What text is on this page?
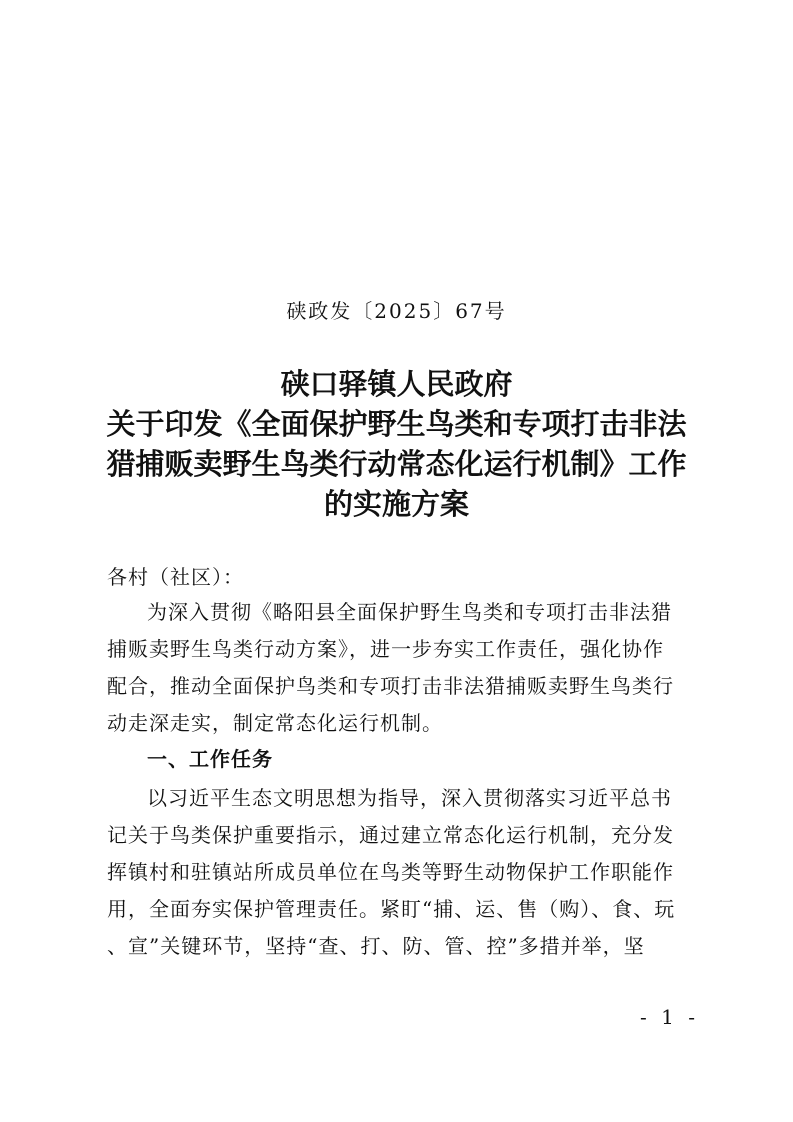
硖政发〔2025〕67号
硖口驿镇人民政府
关于印发《全面保护野生鸟类和专项打击非法
猎捕贩卖野生鸟类行动常态化运行机制》工作
的实施方案
各村（社区）：
为深入贯彻《略阳县全面保护野生鸟类和专项打击非法猎
捕贩卖野生鸟类行动方案》，进一步夯实工作责任，强化协作
配合，推动全面保护鸟类和专项打击非法猎捕贩卖野生鸟类行
动走深走实，制定常态化运行机制。
一、工作任务
以习近平生态文明思想为指导，深入贯彻落实习近平总书
记关于鸟类保护重要指示，通过建立常态化运行机制，充分发
挥镇村和驻镇站所成员单位在鸟类等野生动物保护工作职能作
用，全面夯实保护管理责任。紧盯“捕、运、售（购）、食、玩
、宣”关键环节，坚持“查、打、防、管、控”多措并举，坚
- 1 -
